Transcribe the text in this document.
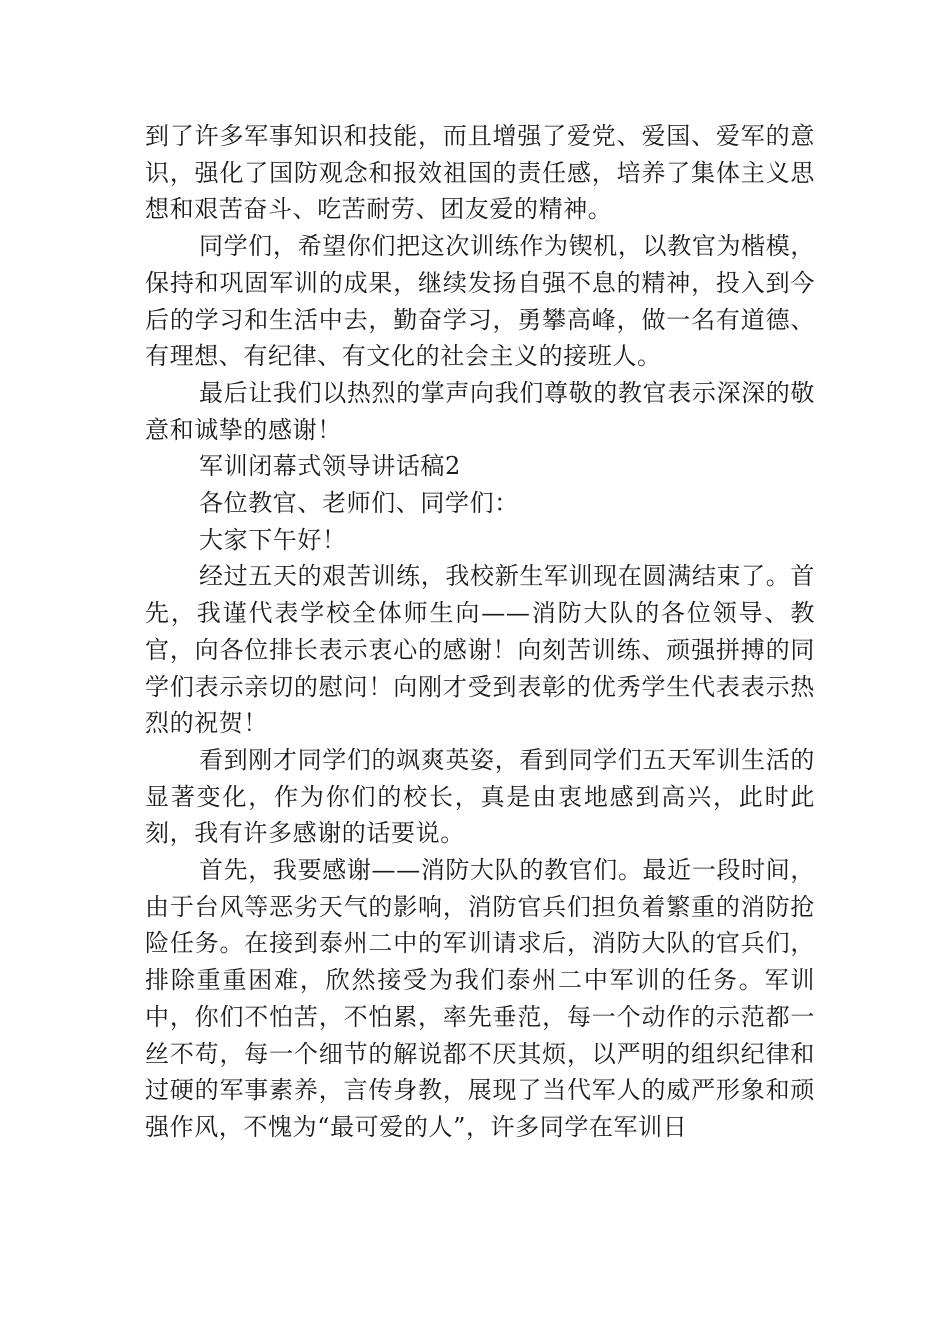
到了许多军事知识和技能，而且增强了爱党、爱国、爱军的意识，强化了国防观念和报效祖国的责任感，培养了集体主义思想和艰苦奋斗、吃苦耐劳、团友爱的精神。

同学们，希望你们把这次训练作为锲机，以教官为楷模，保持和巩固军训的成果，继续发扬自强不息的精神，投入到今后的学习和生活中去，勤奋学习，勇攀高峰，做一名有道德、有理想、有纪律、有文化的社会主义的接班人。

最后让我们以热烈的掌声向我们尊敬的教官表示深深的敬意和诚挚的感谢！

军训闭幕式领导讲话稿2

各位教官、老师们、同学们：

大家下午好！

经过五天的艰苦训练，我校新生军训现在圆满结束了。首先，我谨代表学校全体师生向——消防大队的各位领导、教官，向各位排长表示衷心的感谢！向刻苦训练、顽强拼搏的同学们表示亲切的慰问！向刚才受到表彰的优秀学生代表表示热烈的祝贺！

看到刚才同学们的飒爽英姿，看到同学们五天军训生活的显著变化，作为你们的校长，真是由衷地感到高兴，此时此刻，我有许多感谢的话要说。

首先，我要感谢——消防大队的教官们。最近一段时间，由于台风等恶劣天气的影响，消防官兵们担负着繁重的消防抢险任务。在接到泰州二中的军训请求后，消防大队的官兵们，排除重重困难，欣然接受为我们泰州二中军训的任务。军训中，你们不怕苦，不怕累，率先垂范，每一个动作的示范都一丝不苟，每一个细节的解说都不厌其烦，以严明的组织纪律和过硬的军事素养，言传身教，展现了当代军人的威严形象和顽强作风，不愧为“最可爱的人”，许多同学在军训日
